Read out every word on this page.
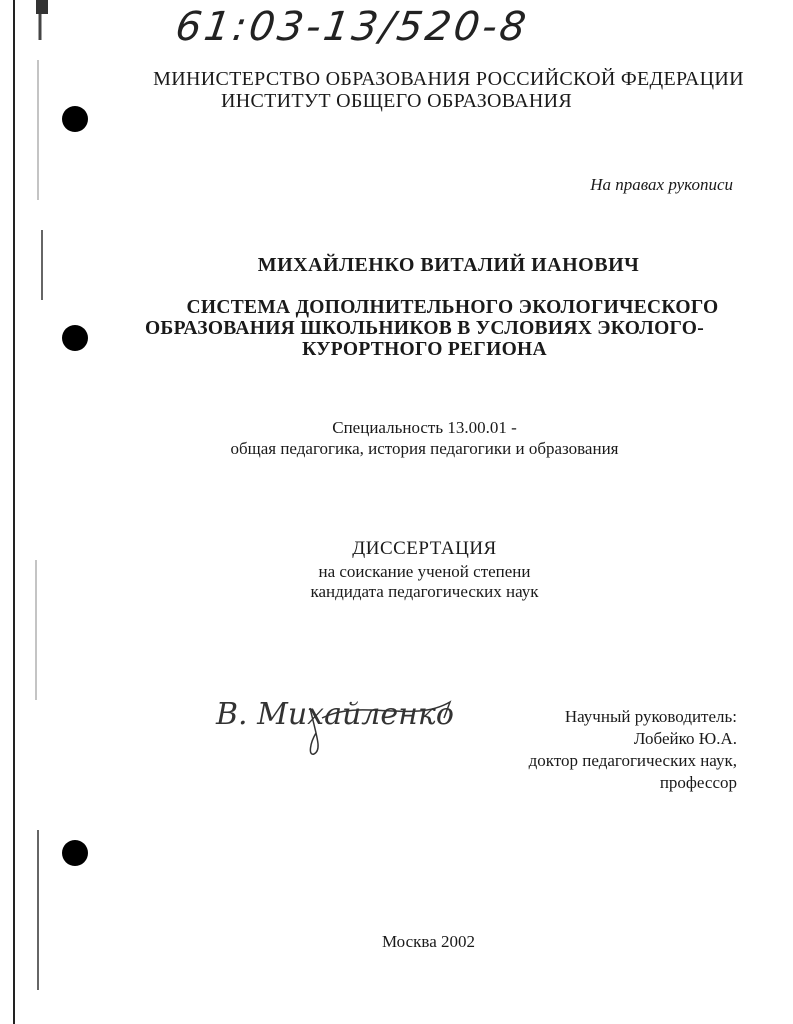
61:03-13/520-8
МИНИСТЕРСТВО ОБРАЗОВАНИЯ РОССИЙСКОЙ ФЕДЕРАЦИИ
ИНСТИТУТ ОБЩЕГО ОБРАЗОВАНИЯ
На правах рукописи
МИХАЙЛЕНКО ВИТАЛИЙ ИАНОВИЧ
СИСТЕМА ДОПОЛНИТЕЛЬНОГО ЭКОЛОГИЧЕСКОГО
ОБРАЗОВАНИЯ ШКОЛЬНИКОВ В УСЛОВИЯХ ЭКОЛОГО-
КУРОРТНОГО РЕГИОНА
Специальность 13.00.01 -
общая педагогика, история педагогики и образования
ДИССЕРТАЦИЯ
на соискание ученой степени
кандидата педагогических наук
В. Михайленко	Научный руководитель:
Лобейко Ю.А.
доктор педагогических наук,
профессор
Москва 2002
